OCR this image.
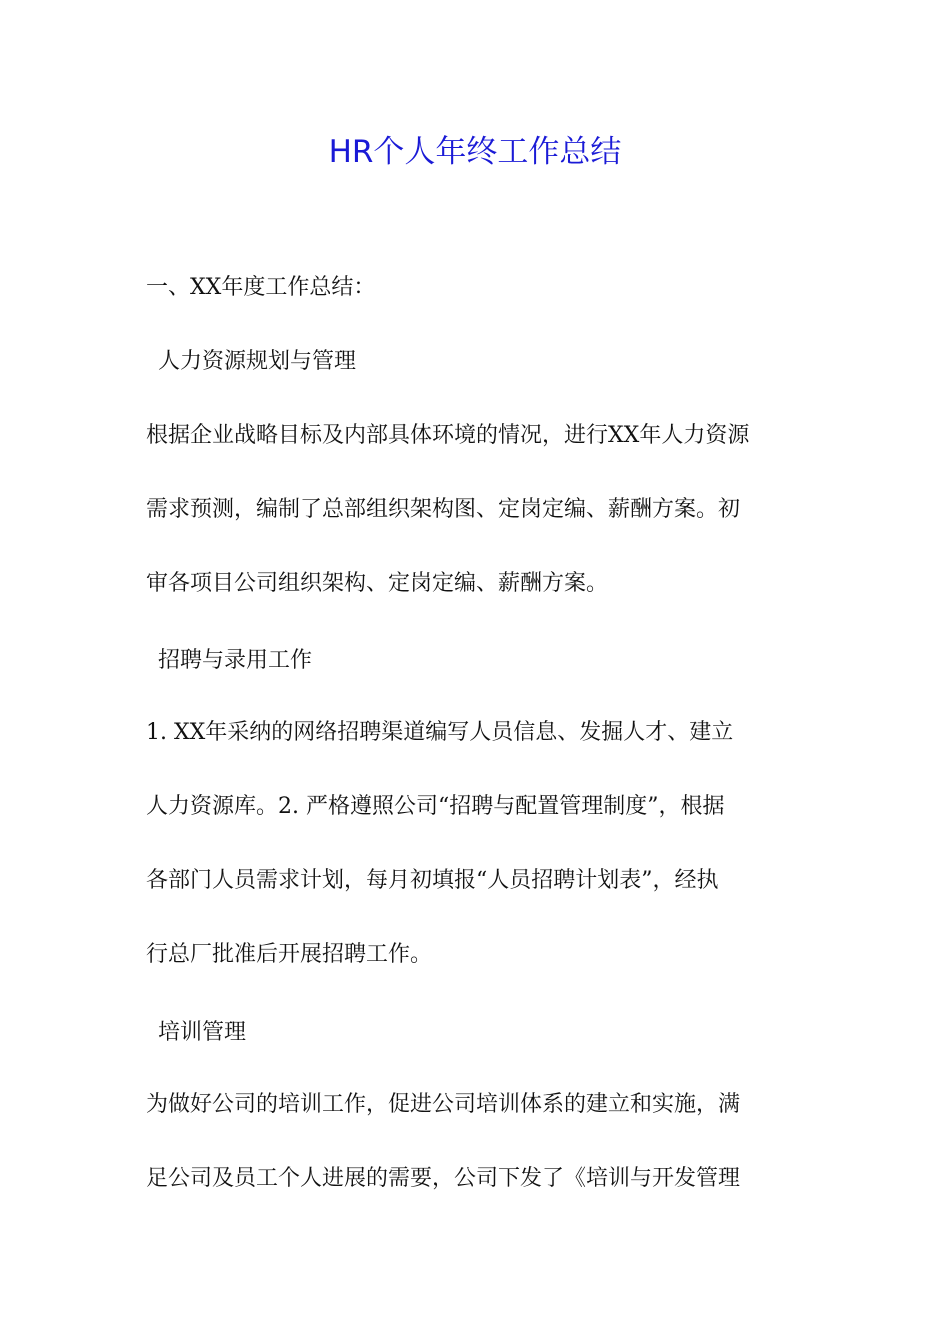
HR个人年终工作总结

一、XX年度工作总结：

人力资源规划与管理

根据企业战略目标及内部具体环境的情况，进行XX年人力资源
需求预测，编制了总部组织架构图、定岗定编、薪酬方案。初
审各项目公司组织架构、定岗定编、薪酬方案。

招聘与录用工作

1. XX年采纳的网络招聘渠道编写人员信息、发掘人才、建立
人力资源库。2. 严格遵照公司“招聘与配置管理制度”，根据
各部门人员需求计划，每月初填报“人员招聘计划表”，经执
行总厂批准后开展招聘工作。

培训管理

为做好公司的培训工作，促进公司培训体系的建立和实施，满
足公司及员工个人进展的需要，公司下发了《培训与开发管理
